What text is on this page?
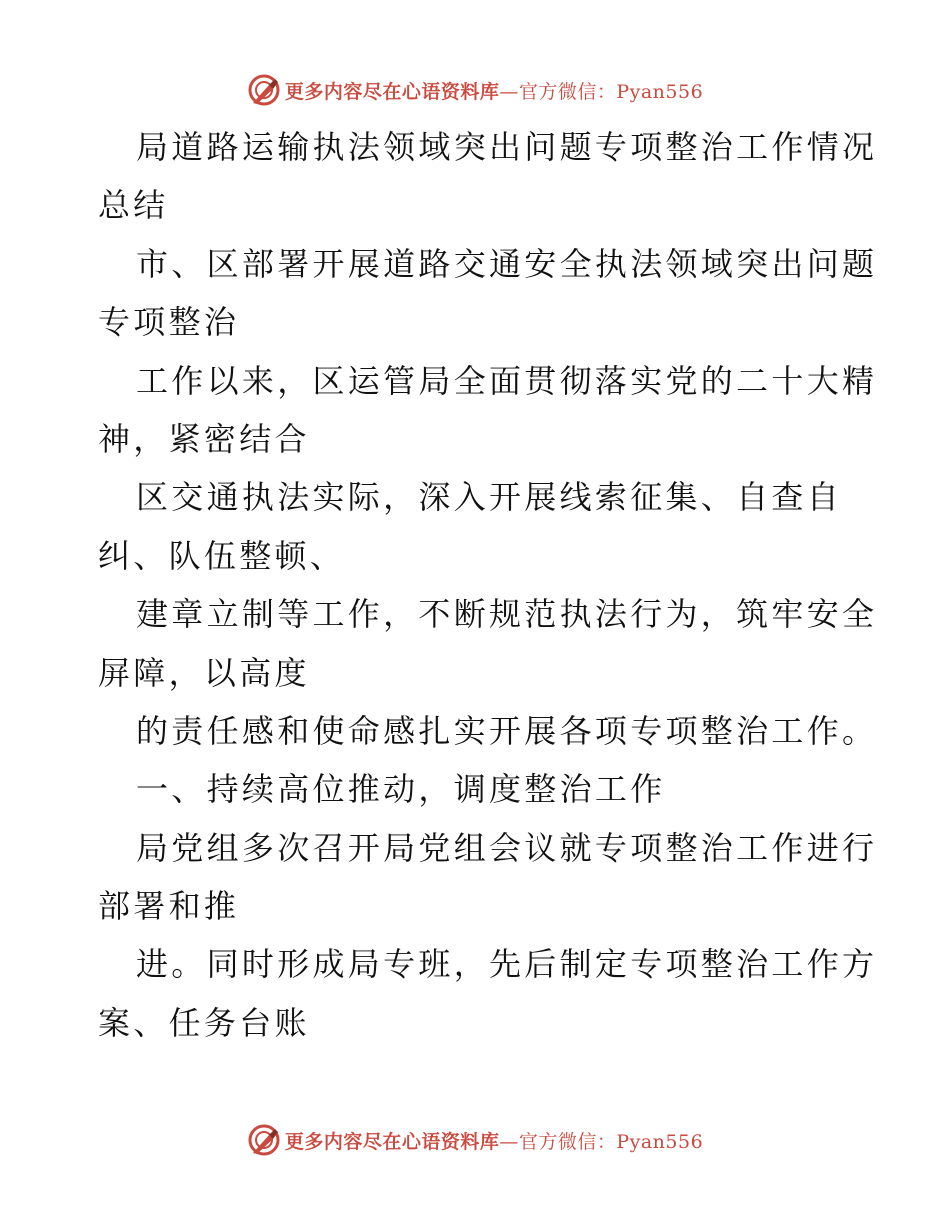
更多内容尽在心语资料库—官方微信：Pyan556
局道路运输执法领域突出问题专项整治工作情况
总结
市、区部署开展道路交通安全执法领域突出问题
专项整治
工作以来，区运管局全面贯彻落实党的二十大精
神，紧密结合
区交通执法实际，深入开展线索征集、自查自
纠、队伍整顿、
建章立制等工作，不断规范执法行为，筑牢安全
屏障，以高度
的责任感和使命感扎实开展各项专项整治工作。
一、持续高位推动，调度整治工作
局党组多次召开局党组会议就专项整治工作进行
部署和推
进。同时形成局专班，先后制定专项整治工作方
案、任务台账
更多内容尽在心语资料库—官方微信：Pyan556
